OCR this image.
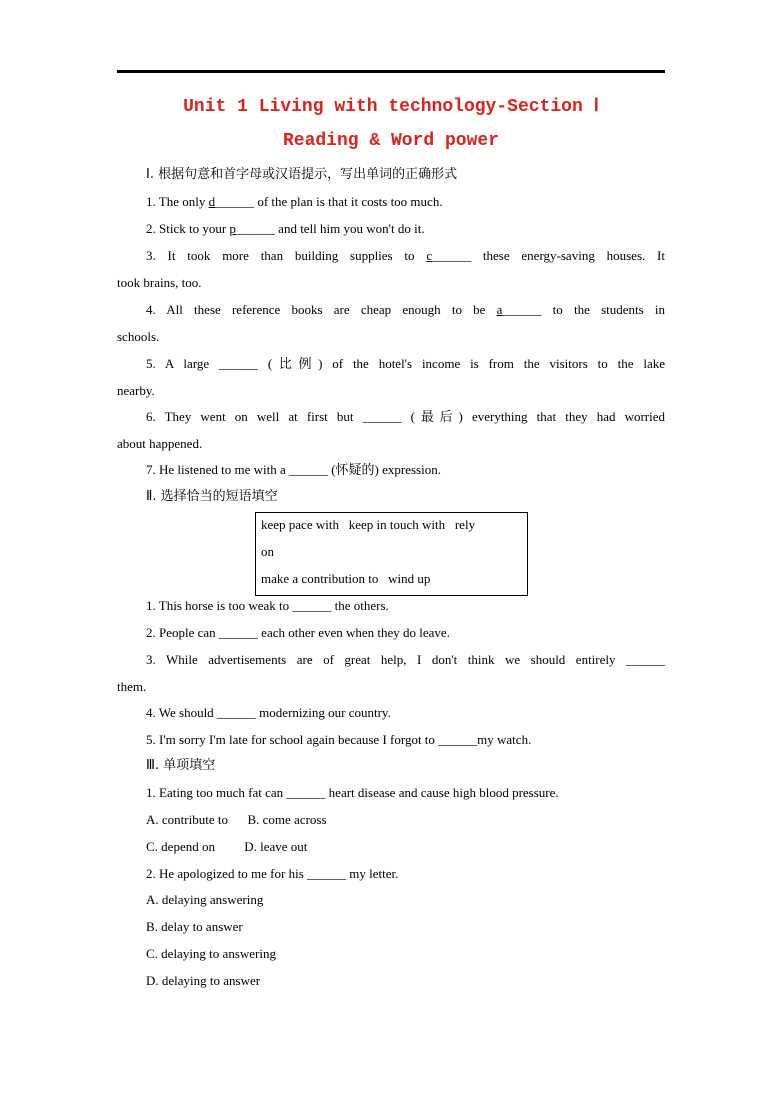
Unit 1 Living with technology-Section Ⅰ
Reading & Word power
Ⅰ. 根据句意和首字母或汉语提示，写出单词的正确形式
1. The only d______ of the plan is that it costs too much.
2. Stick to your p______ and tell him you won't do it.
3. It took more than building supplies to c______ these energy-saving houses. It
took brains, too.
4. All these reference books are cheap enough to be a______ to the students in
schools.
5. A large ______ (比例) of the hotel's income is from the visitors to the lake
nearby.
6. They went on well at first but ______ (最后) everything that they had worried
about happened.
7. He listened to me with a ______ (怀疑的) expression.
Ⅱ. 选择恰当的短语填空
keep pace with   keep in touch with   rely
on
make a contribution to   wind up
1. This horse is too weak to ______ the others.
2. People can ______ each other even when they do leave.
3. While advertisements are of great help, I don't think we should entirely ______
them.
4. We should ______ modernizing our country.
5. I'm sorry I'm late for school again because I forgot to ______my watch.
Ⅲ. 单项填空
1. Eating too much fat can ______ heart disease and cause high blood pressure.
A. contribute to      B. come across
C. depend on         D. leave out
2. He apologized to me for his ______ my letter.
A. delaying answering
B. delay to answer
C. delaying to answering
D. delaying to answer
